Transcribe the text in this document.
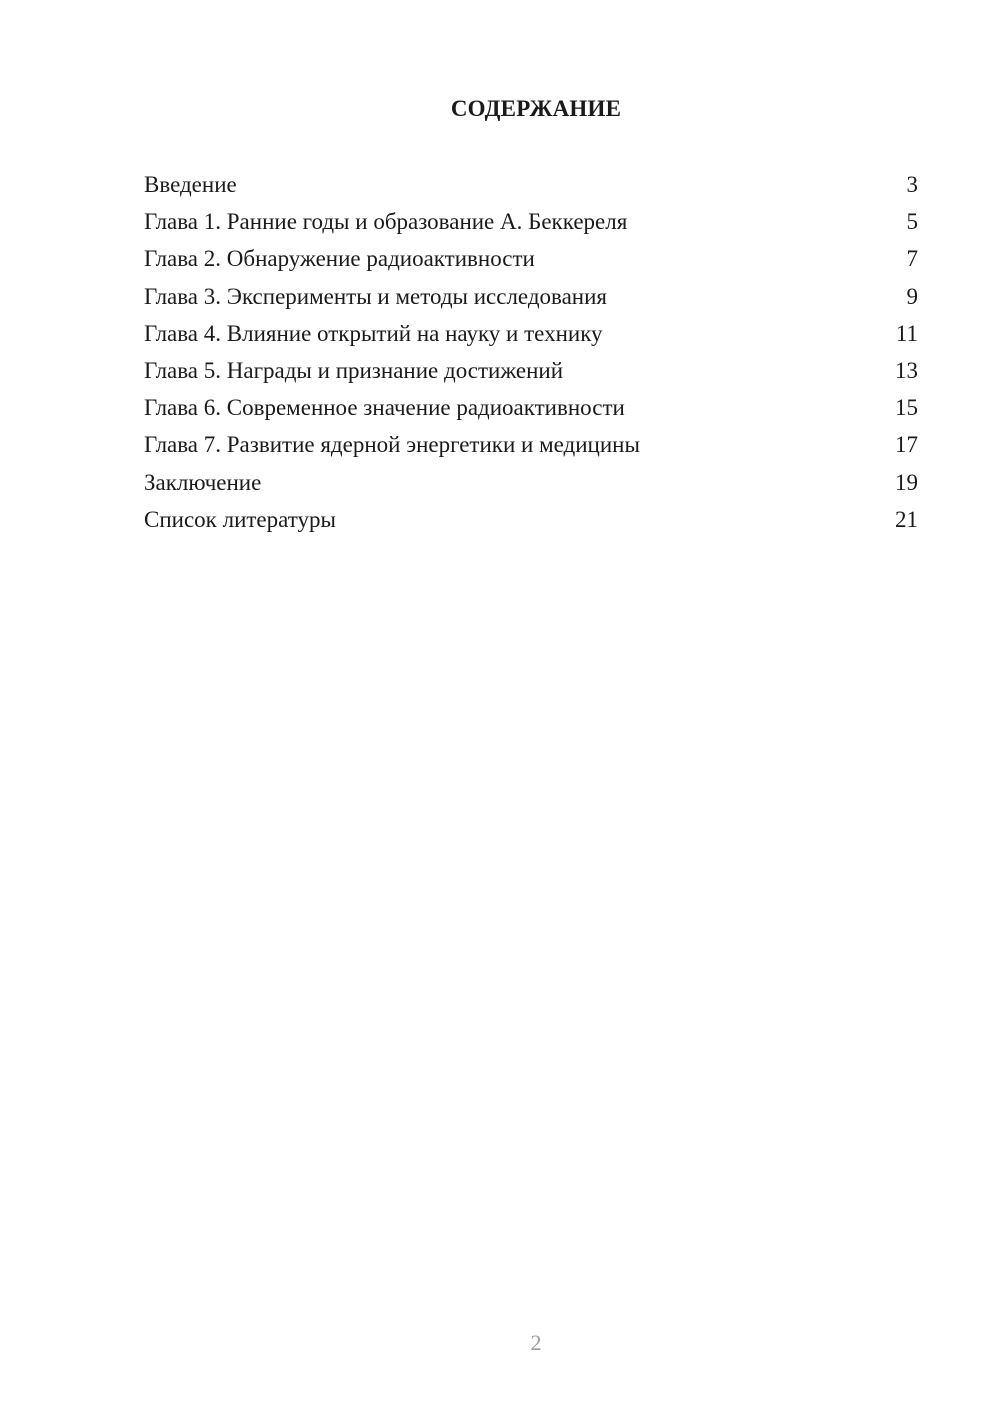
СОДЕРЖАНИЕ
Введение	3
Глава 1. Ранние годы и образование А. Беккереля	5
Глава 2. Обнаружение радиоактивности	7
Глава 3. Эксперименты и методы исследования	9
Глава 4. Влияние открытий на науку и технику	11
Глава 5. Награды и признание достижений	13
Глава 6. Современное значение радиоактивности	15
Глава 7. Развитие ядерной энергетики и медицины	17
Заключение	19
Список литературы	21
2
